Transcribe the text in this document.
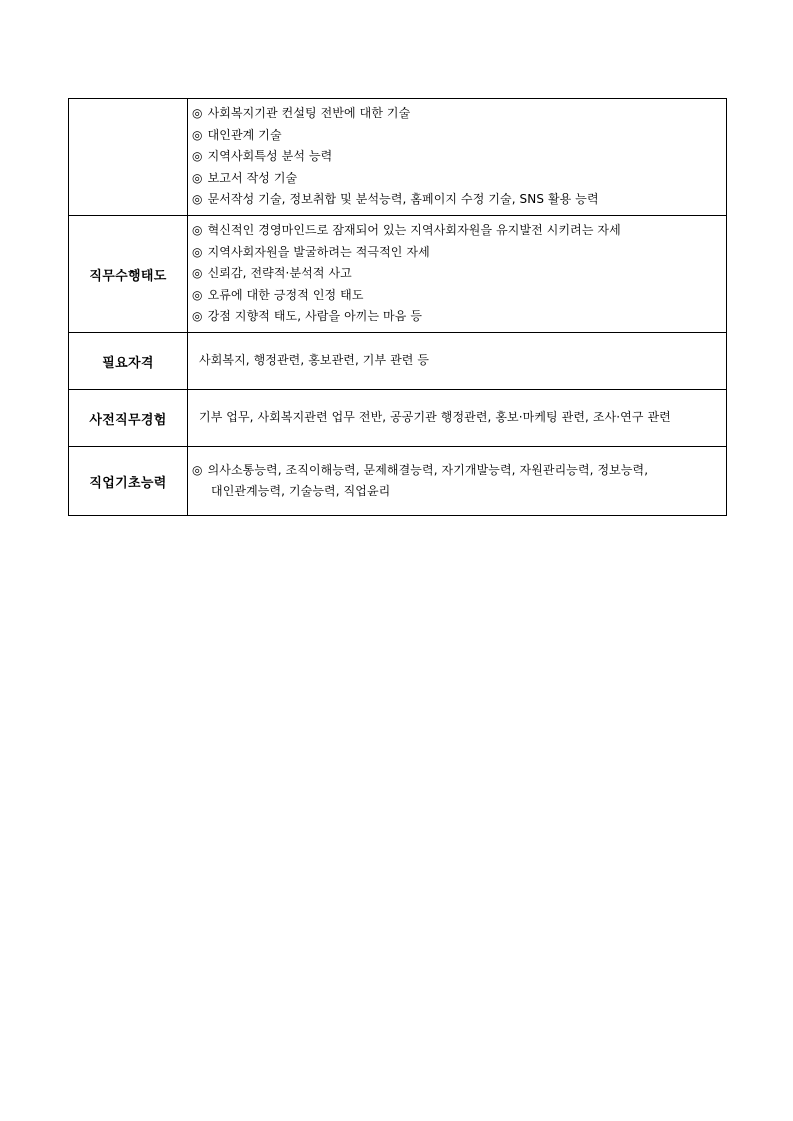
	◎ 사회복지기관 컨설팅 전반에 대한 기술
◎ 대인관계 기술
◎ 지역사회특성 분석 능력
◎ 보고서 작성 기술
◎ 문서작성 기술, 정보취합 및 분석능력, 홈페이지 수정 기술, SNS 활용 능력

직무수행태도	◎ 혁신적인 경영마인드로 잠재되어 있는 지역사회자원을 유지발전 시키려는 자세
◎ 지역사회자원을 발굴하려는 적극적인 자세
◎ 신뢰감, 전략적·분석적 사고
◎ 오류에 대한 긍정적 인정 태도
◎ 강점 지향적 태도, 사람을 아끼는 마음 등

필요자격	사회복지, 행정관련, 홍보관련, 기부 관련 등

사전직무경험	기부 업무, 사회복지관련 업무 전반, 공공기관 행정관련, 홍보·마케팅 관련, 조사·연구 관련

직업기초능력	◎ 의사소통능력, 조직이해능력, 문제해결능력, 자기개발능력, 자원관리능력, 정보능력,
대인관계능력, 기술능력, 직업윤리
